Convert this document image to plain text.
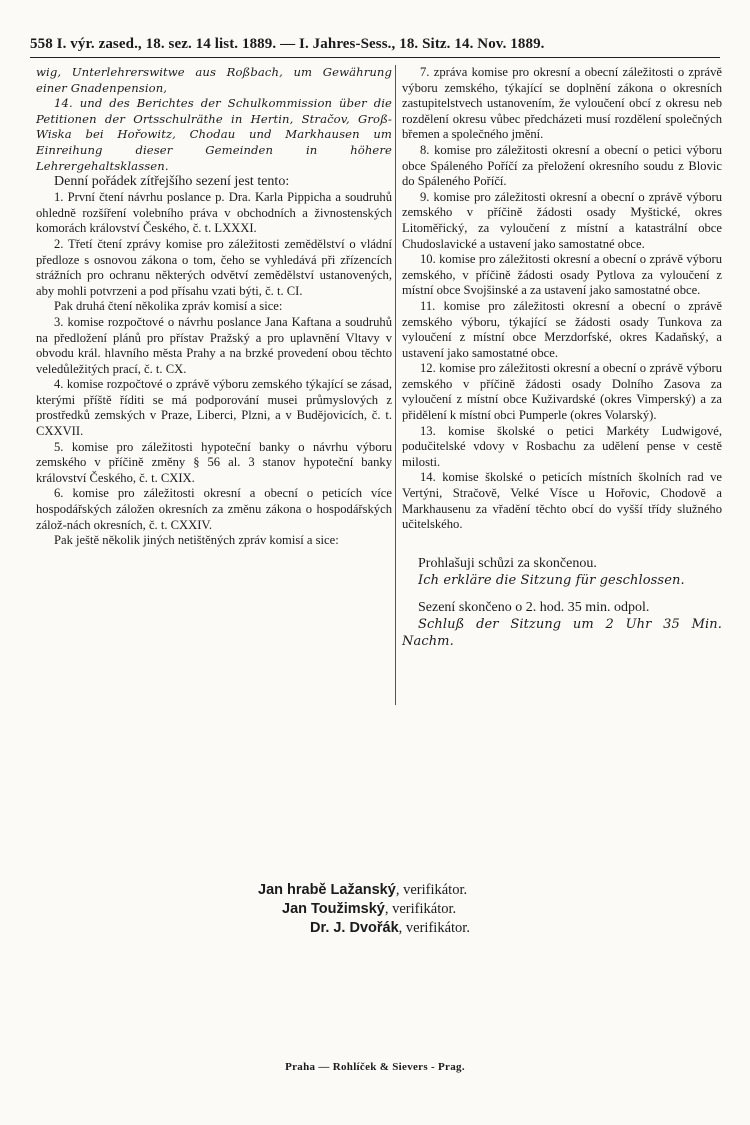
558 I. výr. zased., 18. sez. 14 list. 1889. — I. Jahres-Sess., 18. Sitz. 14. Nov. 1889.

wig, Unterlehrerswitwe aus Roßbach, um Gewährung einer Gnadenpension,

14. und des Berichtes der Schulkommission über die Petitionen der Ortsschulräthe in Hertin, Stračov, Groß-Wiska bei Hořowitz, Chodau und Markhausen um Einreihung dieser Gemeinden in höhere Lehrergehaltsklassen.

Denní pořádek zítřejšího sezení jest tento:

1. První čtení návrhu poslance p. Dra. Karla Pippicha a soudruhů ohledně rozšíření volebního práva v obchodních a živnostenských komorách království Českého, č. t. LXXXI.

2. Třetí čtení zprávy komise pro záležitosti zemědělství o vládní předloze s osnovou zákona o tom, čeho se vyhledává při zřízencích strážních pro ochranu některých odvětví zemědělství ustanovených, aby mohli potvrzeni a pod přísahu vzati býti, č. t. CI.

Pak druhá čtení několika zpráv komisí a sice:

3. komise rozpočtové o návrhu poslance Jana Kaftana a soudruhů na předložení plánů pro přístav Pražský a pro uplavnění Vltavy v obvodu král. hlavního města Prahy a na brzké provedení obou těchto veledůležitých prací, č. t. CX.

4. komise rozpočtové o zprávě výboru zemského týkající se zásad, kterými příště říditi se má podporování musei průmyslových z prostředků zemských v Praze, Liberci, Plzni, a v Budějovicích, č. t. CXXVII.

5. komise pro záležitosti hypoteční banky o návrhu výboru zemského v příčině změny § 56 al. 3 stanov hypoteční banky království Českého, č. t. CXIX.

6. komise pro záležitosti okresní a obecní o peticích více hospodářských záložen okresních za změnu zákona o hospodářských zálož-nách okresních, č. t. CXXIV.

Pak ještě několik jiných netištěných zpráv komisí a sice:

7. zpráva komise pro okresní a obecní záležitosti o zprávě výboru zemského, týkající se doplnění zákona o okresních zastupitelstvech ustanovením, že vyloučení obcí z okresu neb rozdělení okresu vůbec předcházeti musí rozdělení společných břemen a společného jmění.

8. komise pro záležitosti okresní a obecní o petici výboru obce Spáleného Poříčí za přeložení okresního soudu z Blovic do Spáleného Poříčí.

9. komise pro záležitosti okresní a obecní o zprávě výboru zemského v příčině žádosti osady Myštické, okres Litoměřický, za vyloučení z místní a katastrální obce Chudoslavické a ustavení jako samostatné obce.

10. komise pro záležitosti okresní a obecní o zprávě výboru zemského, v příčině žádosti osady Pytlova za vyloučení z místní obce Svojšinské a za ustavení jako samostatné obce.

11. komise pro záležitosti okresní a obecní o zprávě zemského výboru, týkající se žádosti osady Tunkova za vyloučení z místní obce Merzdorfské, okres Kadaňský, a ustavení jako samostatné obce.

12. komise pro záležitosti okresní a obecní o zprávě výboru zemského v příčině žádosti osady Dolního Zasova za vyloučení z místní obce Kuživardské (okres Vimperský) a za přidělení k místní obci Pumperle (okres Volarský).

13. komise školské o petici Markéty Ludwigové, podučitelské vdovy v Rosbachu za udělení pense v cestě milosti.

14. komise školské o peticích místních školních rad ve Vertýni, Stračově, Velké Vísce u Hořovic, Chodově a Markhausenu za vřadění těchto obcí do vyšší třídy služného učitelského.

Prohlašuji schůzi za skončenou.

Ich erkläre die Sitzung für geschlossen.

Sezení skončeno o 2. hod. 35 min. odpol.

Schluß der Sitzung um 2 Uhr 35 Min. Nachm.

Jan hrabě Lažanský, verifikátor.
Jan Toužimský, verifikátor.
Dr. J. Dvořák, verifikátor.
Praha — Rohlíček & Sievers - Prag.
